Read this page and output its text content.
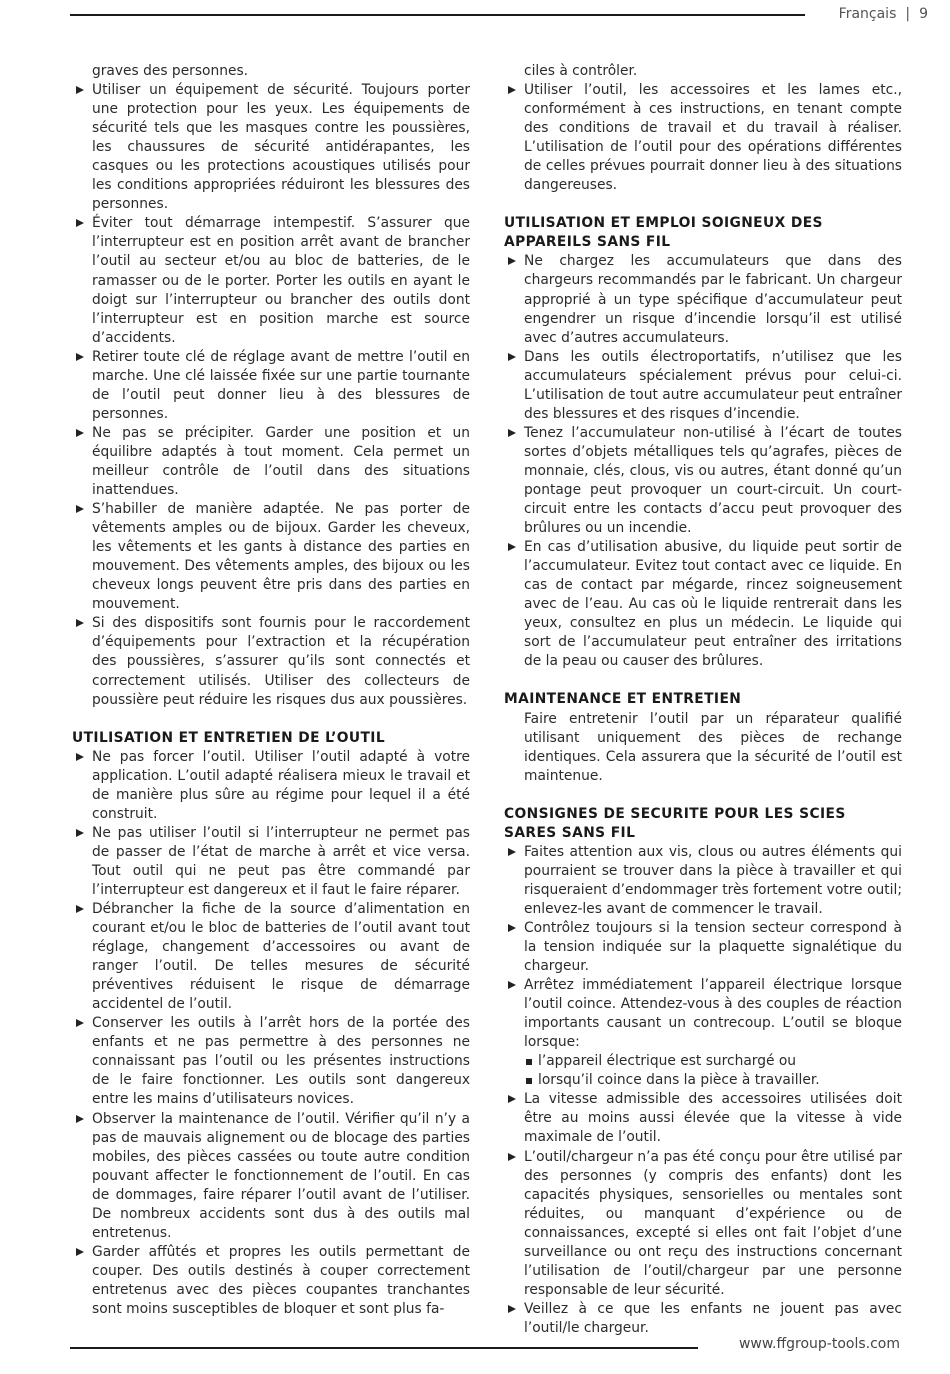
Français | 9

graves des personnes.

Utiliser un équipement de sécurité. Toujours porter une protection pour les yeux. Les équipements de sécurité tels que les masques contre les poussières, les chaussures de sécurité antidérapantes, les casques ou les protections acoustiques utilisés pour les conditions appropriées réduiront les blessures des personnes.
Éviter tout démarrage intempestif. S’assurer que l’interrupteur est en position arrêt avant de brancher l’outil au secteur et/ou au bloc de batteries, de le ramasser ou de le porter. Porter les outils en ayant le doigt sur l’interrupteur ou brancher des outils dont l’interrupteur est en position marche est source d’accidents.
Retirer toute clé de réglage avant de mettre l’outil en marche. Une clé laissée fixée sur une partie tournante de l’outil peut donner lieu à des blessures de personnes.
Ne pas se précipiter. Garder une position et un équilibre adaptés à tout moment. Cela permet un meilleur contrôle de l’outil dans des situations inattendues.
S’habiller de manière adaptée. Ne pas porter de vêtements amples ou de bijoux. Garder les cheveux, les vêtements et les gants à distance des parties en mouvement. Des vêtements amples, des bijoux ou les cheveux longs peuvent être pris dans des parties en mouvement.
Si des dispositifs sont fournis pour le raccordement d’équipements pour l’extraction et la récupération des poussières, s’assurer qu’ils sont connectés et correctement utilisés. Utiliser des collecteurs de poussière peut réduire les risques dus aux poussières.
UTILISATION ET ENTRETIEN DE L’OUTIL
Ne pas forcer l’outil. Utiliser l’outil adapté à votre application. L’outil adapté réalisera mieux le travail et de manière plus sûre au régime pour lequel il a été construit.
Ne pas utiliser l’outil si l’interrupteur ne permet pas de passer de l’état de marche à arrêt et vice versa. Tout outil qui ne peut pas être commandé par l’interrupteur est dangereux et il faut le faire réparer.
Débrancher la fiche de la source d’alimentation en courant et/ou le bloc de batteries de l’outil avant tout réglage, changement d’accessoires ou avant de ranger l’outil. De telles mesures de sécurité préventives réduisent le risque de démarrage accidentel de l’outil.
Conserver les outils à l’arrêt hors de la portée des enfants et ne pas permettre à des personnes ne connaissant pas l’outil ou les présentes instructions de le faire fonctionner. Les outils sont dangereux entre les mains d’utilisateurs novices.
Observer la maintenance de l’outil. Vérifier qu’il n’y a pas de mauvais alignement ou de blocage des parties mobiles, des pièces cassées ou toute autre condition pouvant affecter le fonctionnement de l’outil. En cas de dommages, faire réparer l’outil avant de l’utiliser. De nombreux accidents sont dus à des outils mal entretenus.
Garder affûtés et propres les outils permettant de couper. Des outils destinés à couper correctement entretenus avec des pièces coupantes tranchantes sont moins susceptibles de bloquer et sont plus fa-

ciles à contrôler.

Utiliser l’outil, les accessoires et les lames etc., conformément à ces instructions, en tenant compte des conditions de travail et du travail à réaliser. L’utilisation de l’outil pour des opérations différentes de celles prévues pourrait donner lieu à des situations dangereuses.
UTILISATION ET EMPLOI SOIGNEUX DES APPAREILS SANS FIL
Ne chargez les accumulateurs que dans des chargeurs recommandés par le fabricant. Un chargeur approprié à un type spécifique d’accumulateur peut engendrer un risque d’incendie lorsqu’il est utilisé avec d’autres accumulateurs.
Dans les outils électroportatifs, n’utilisez que les accumulateurs spécialement prévus pour celui-ci. L’utilisation de tout autre accumulateur peut entraîner des blessures et des risques d’incendie.
Tenez l’accumulateur non-utilisé à l’écart de toutes sortes d’objets métalliques tels qu’agrafes, pièces de monnaie, clés, clous, vis ou autres, étant donné qu’un pontage peut provoquer un court-circuit. Un court-circuit entre les contacts d’accu peut provoquer des brûlures ou un incendie.
En cas d’utilisation abusive, du liquide peut sortir de l’accumulateur. Evitez tout contact avec ce liquide. En cas de contact par mégarde, rincez soigneusement avec de l’eau. Au cas où le liquide rentrerait dans les yeux, consultez en plus un médecin. Le liquide qui sort de l’accumulateur peut entraîner des irritations de la peau ou causer des brûlures.
MAINTENANCE ET ENTRETIEN

Faire entretenir l’outil par un réparateur qualifié utilisant uniquement des pièces de rechange identiques. Cela assurera que la sécurité de l’outil est maintenue.

CONSIGNES DE SECURITE POUR LES SCIES SARES SANS FIL
Faites attention aux vis, clous ou autres éléments qui pourraient se trouver dans la pièce à travailler et qui risqueraient d’endommager très fortement votre outil; enlevez-les avant de commencer le travail.
Contrôlez toujours si la tension secteur correspond à la tension indiquée sur la plaquette signalétique du chargeur.
Arrêtez immédiatement l’appareil électrique lorsque l’outil coince. Attendez-vous à des couples de réaction importants causant un contrecoup. L’outil se bloque lorsque:
l’appareil électrique est surchargé ou
lorsqu’il coince dans la pièce à travailler.
La vitesse admissible des accessoires utilisées doit être au moins aussi élevée que la vitesse à vide maximale de l’outil.
L’outil/chargeur n’a pas été conçu pour être utilisé par des personnes (y compris des enfants) dont les capacités physiques, sensorielles ou mentales sont réduites, ou manquant d’expérience ou de connaissances, excepté si elles ont fait l’objet d’une surveillance ou ont reçu des instructions concernant l’utilisation de l’outil/chargeur par une personne responsable de leur sécurité.
Veillez à ce que les enfants ne jouent pas avec l’outil/le chargeur.
www.ffgroup-tools.com
